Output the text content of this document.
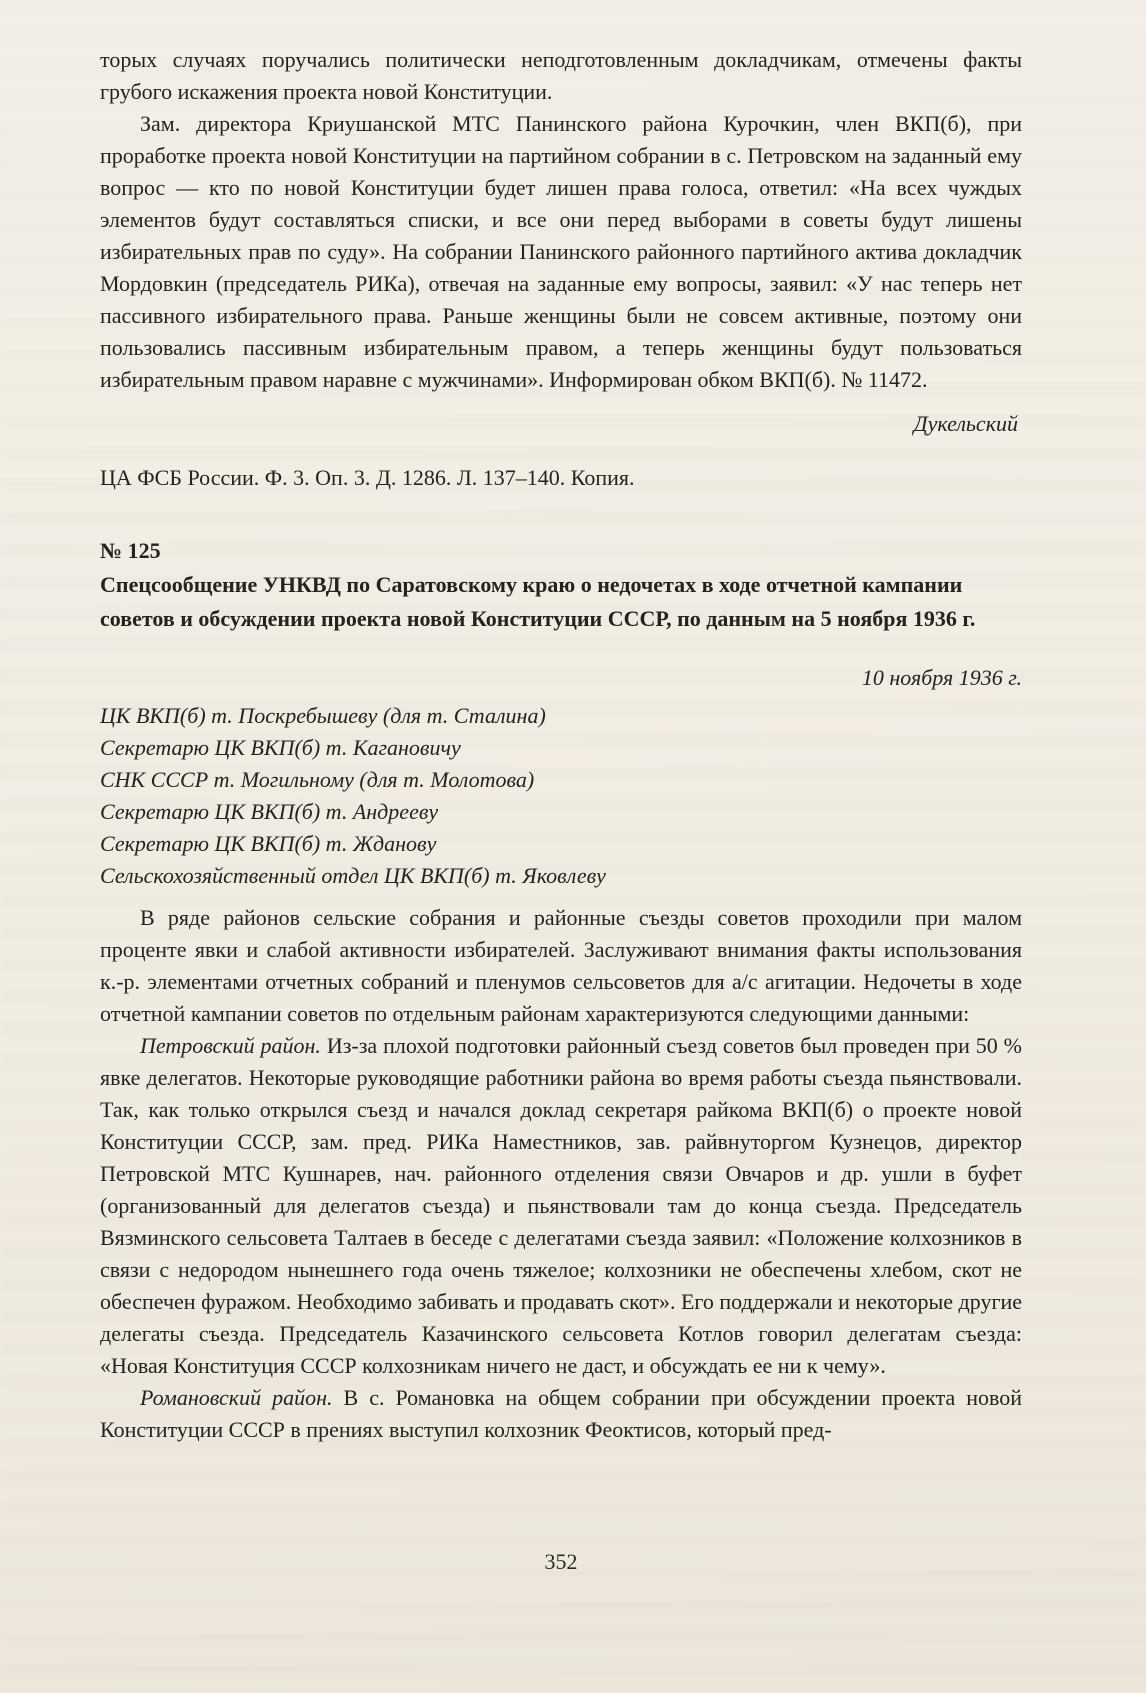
торых случаях поручались политически неподготовленным докладчикам, отмечены факты грубого искажения проекта новой Конституции.

Зам. директора Криушанской МТС Панинского района Курочкин, член ВКП(б), при проработке проекта новой Конституции на партийном собрании в с. Петровском на заданный ему вопрос — кто по новой Конституции будет лишен права голоса, ответил: «На всех чуждых элементов будут составляться списки, и все они перед выборами в советы будут лишены избирательных прав по суду». На собрании Панинского районного партийного актива докладчик Мордовкин (председатель РИКа), отвечая на заданные ему вопросы, заявил: «У нас теперь нет пассивного избирательного права. Раньше женщины были не совсем активные, поэтому они пользовались пассивным избирательным правом, а теперь женщины будут пользоваться избирательным правом наравне с мужчинами». Информирован обком ВКП(б). № 11472.

Дукельский

ЦА ФСБ России. Ф. 3. Оп. 3. Д. 1286. Л. 137–140. Копия.

№ 125

Спецсообщение УНКВД по Саратовскому краю о недочетах в ходе отчетной кампании советов и обсуждении проекта новой Конституции СССР, по данным на 5 ноября 1936 г.

10 ноября 1936 г.

ЦК ВКП(б) т. Поскребышеву (для т. Сталина)
Секретарю ЦК ВКП(б) т. Кагановичу
СНК СССР т. Могильному (для т. Молотова)
Секретарю ЦК ВКП(б) т. Андрееву
Секретарю ЦК ВКП(б) т. Жданову
Сельскохозяйственный отдел ЦК ВКП(б) т. Яковлеву

В ряде районов сельские собрания и районные съезды советов проходили при малом проценте явки и слабой активности избирателей. Заслуживают внимания факты использования к.-р. элементами отчетных собраний и пленумов сельсоветов для а/с агитации. Недочеты в ходе отчетной кампании советов по отдельным районам характеризуются следующими данными:

Петровский район. Из-за плохой подготовки районный съезд советов был проведен при 50 % явке делегатов. Некоторые руководящие работники района во время работы съезда пьянствовали. Так, как только открылся съезд и начался доклад секретаря райкома ВКП(б) о проекте новой Конституции СССР, зам. пред. РИКа Наместников, зав. райвнуторгом Кузнецов, директор Петровской МТС Кушнарев, нач. районного отделения связи Овчаров и др. ушли в буфет (организованный для делегатов съезда) и пьянствовали там до конца съезда. Председатель Вязминского сельсовета Талтаев в беседе с делегатами съезда заявил: «Положение колхозников в связи с недородом нынешнего года очень тяжелое; колхозники не обеспечены хлебом, скот не обеспечен фуражом. Необходимо забивать и продавать скот». Его поддержали и некоторые другие делегаты съезда. Председатель Казачинского сельсовета Котлов говорил делегатам съезда: «Новая Конституция СССР колхозникам ничего не даст, и обсуждать ее ни к чему».

Романовский район. В с. Романовка на общем собрании при обсуждении проекта новой Конституции СССР в прениях выступил колхозник Феоктисов, который пред-

352
